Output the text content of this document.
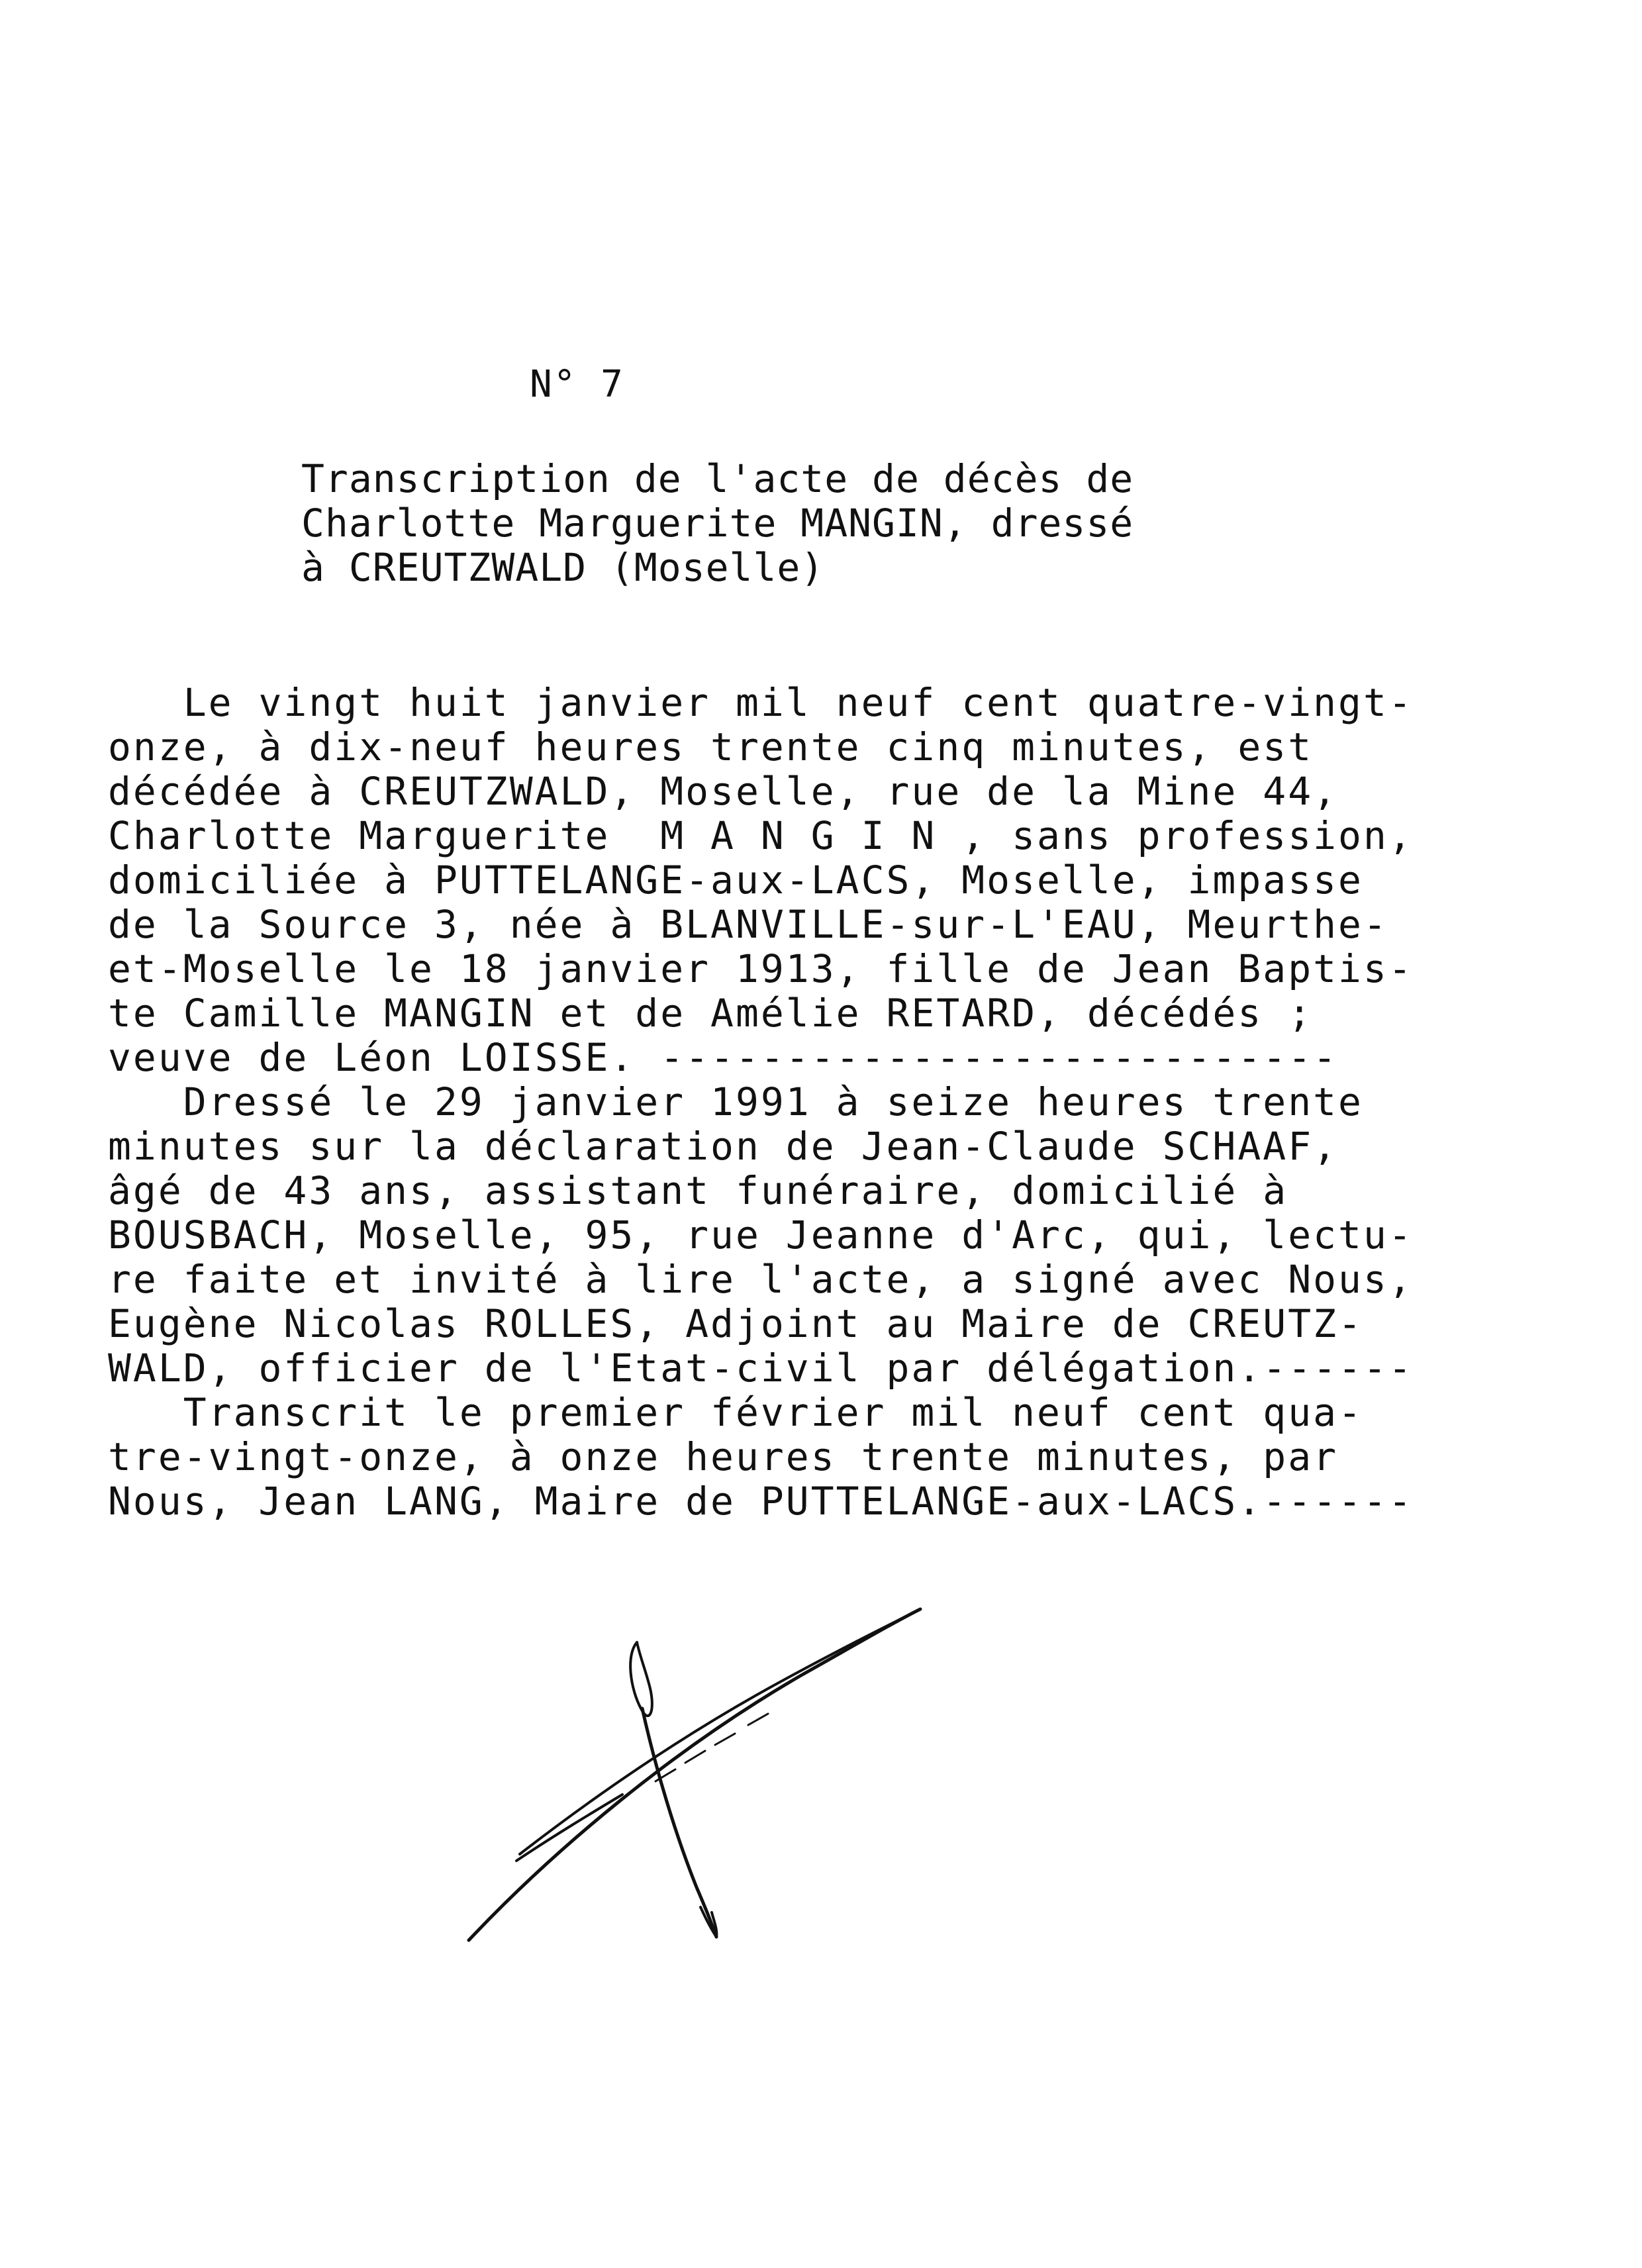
N° 7
Transcription de l'acte de décès de
Charlotte Marguerite MANGIN, dressé
à CREUTZWALD (Moselle)
Le vingt huit janvier mil neuf cent quatre-vingt-
onze, à dix-neuf heures trente cinq minutes, est
décédée à CREUTZWALD, Moselle, rue de la Mine 44,
Charlotte Marguerite  M A N G I N , sans profession,
domiciliée à PUTTELANGE-aux-LACS, Moselle, impasse
de la Source 3, née à BLANVILLE-sur-L'EAU, Meurthe-
et-Moselle le 18 janvier 1913, fille de Jean Baptis-
te Camille MANGIN et de Amélie RETARD, décédés ;
veuve de Léon LOISSE. ---------------------------
Dressé le 29 janvier 1991 à seize heures trente
minutes sur la déclaration de Jean-Claude SCHAAF,
âgé de 43 ans, assistant funéraire, domicilié à
BOUSBACH, Moselle, 95, rue Jeanne d'Arc, qui, lectu-
re faite et invité à lire l'acte, a signé avec Nous,
Eugène Nicolas ROLLES, Adjoint au Maire de CREUTZ-
WALD, officier de l'Etat-civil par délégation.------
Transcrit le premier février mil neuf cent qua-
tre-vingt-onze, à onze heures trente minutes, par
Nous, Jean LANG, Maire de PUTTELANGE-aux-LACS.------
